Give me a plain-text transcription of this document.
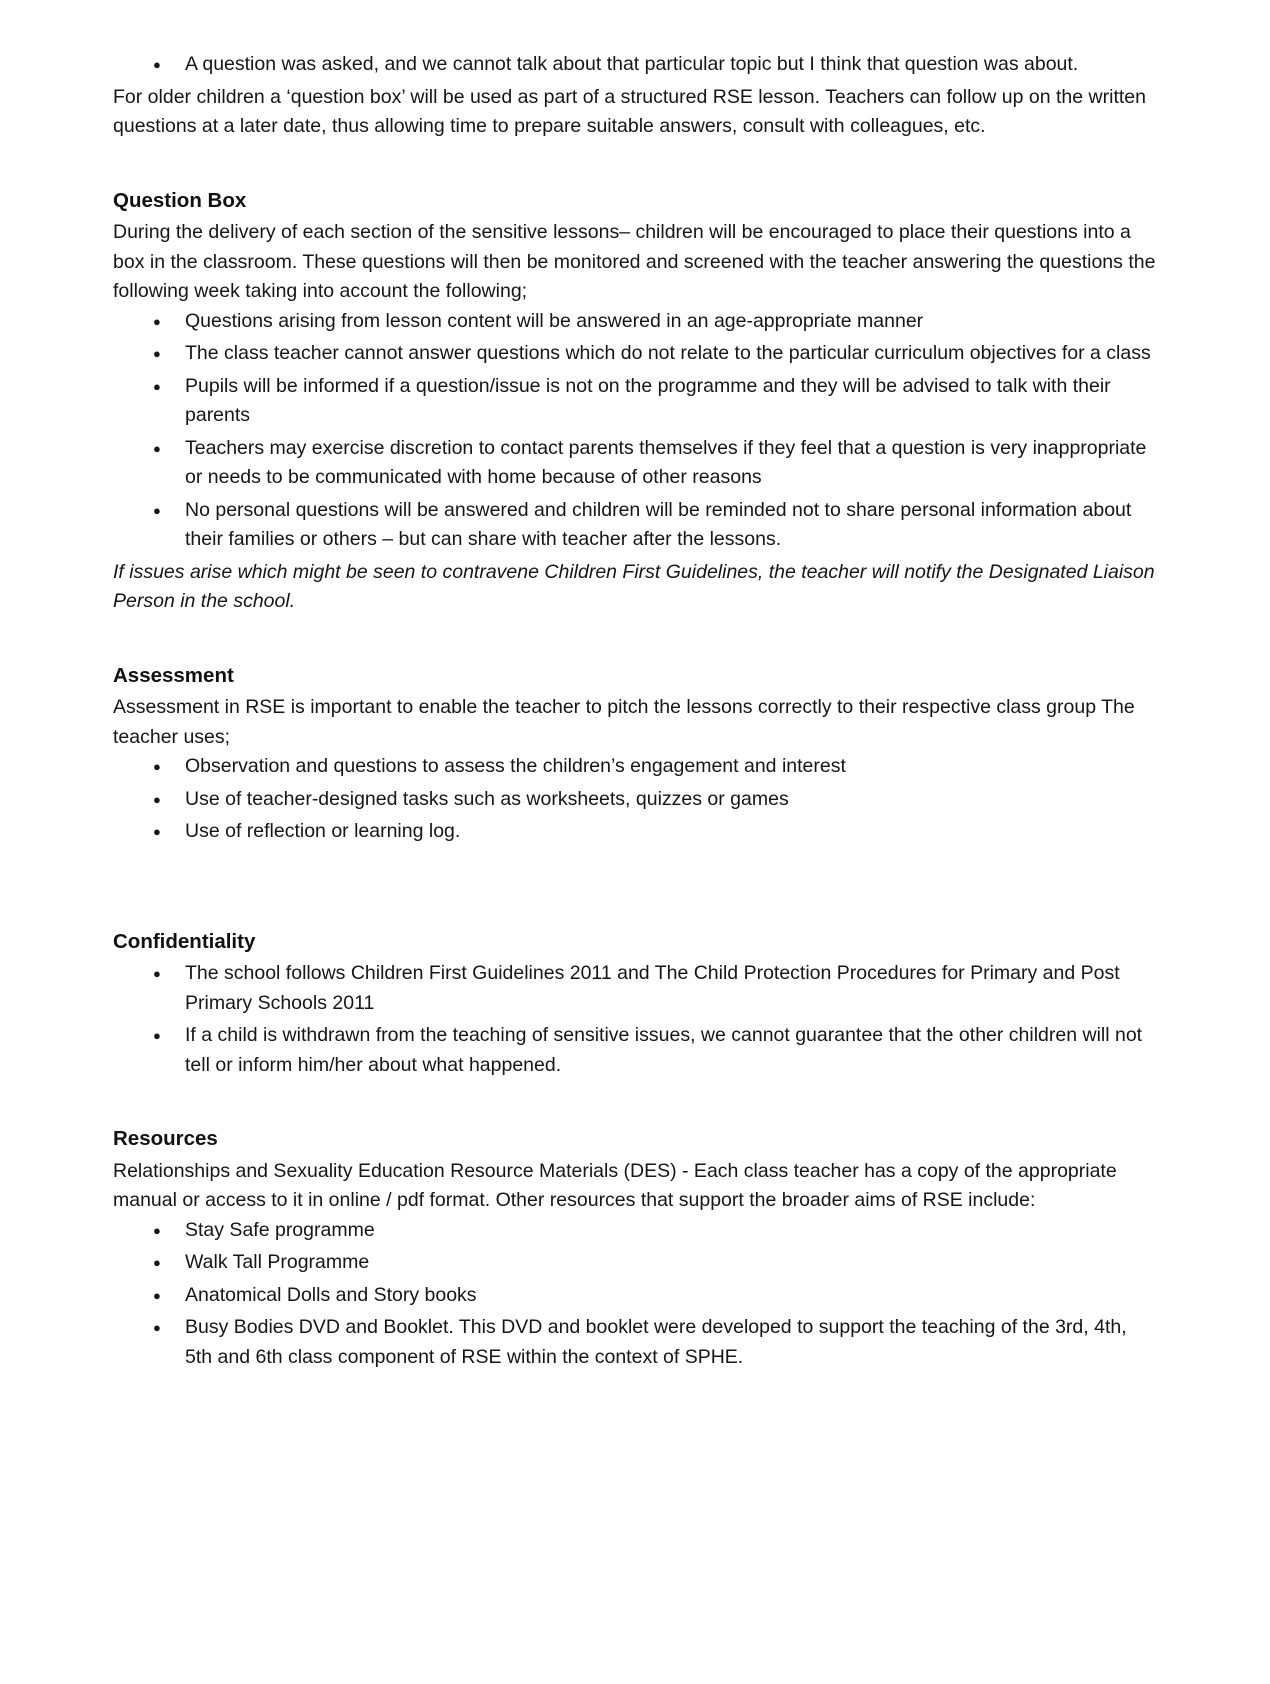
● A question was asked, and we cannot talk about that particular topic but I think that question was about.

For older children a ‘question box’ will be used as part of a structured RSE lesson. Teachers can follow up on the written questions at a later date, thus allowing time to prepare suitable answers, consult with colleagues, etc.

Question Box

During the delivery of each section of the sensitive lessons– children will be encouraged to place their questions into a box in the classroom. These questions will then be monitored and screened with the teacher answering the questions the following week taking into account the following;

● Questions arising from lesson content will be answered in an age-appropriate manner
● The class teacher cannot answer questions which do not relate to the particular curriculum objectives for a class
● Pupils will be informed if a question/issue is not on the programme and they will be advised to talk with their parents
● Teachers may exercise discretion to contact parents themselves if they feel that a question is very inappropriate or needs to be communicated with home because of other reasons
● No personal questions will be answered and children will be reminded not to share personal information about their families or others – but can share with teacher after the lessons.

If issues arise which might be seen to contravene Children First Guidelines, the teacher will notify the Designated Liaison Person in the school.

Assessment

Assessment in RSE is important to enable the teacher to pitch the lessons correctly to their respective class group The teacher uses;

● Observation and questions to assess the children’s engagement and interest
● Use of teacher-designed tasks such as worksheets, quizzes or games
● Use of reflection or learning log.
Confidentiality
● The school follows Children First Guidelines 2011 and The Child Protection Procedures for Primary and Post Primary Schools 2011
● If a child is withdrawn from the teaching of sensitive issues, we cannot guarantee that the other children will not tell or inform him/her about what happened.
Resources

Relationships and Sexuality Education Resource Materials (DES) - Each class teacher has a copy of the appropriate manual or access to it in online / pdf format. Other resources that support the broader aims of RSE include:

● Stay Safe programme
● Walk Tall Programme
● Anatomical Dolls and Story books
● Busy Bodies DVD and Booklet. This DVD and booklet were developed to support the teaching of the 3rd, 4th, 5th and 6th class component of RSE within the context of SPHE.
